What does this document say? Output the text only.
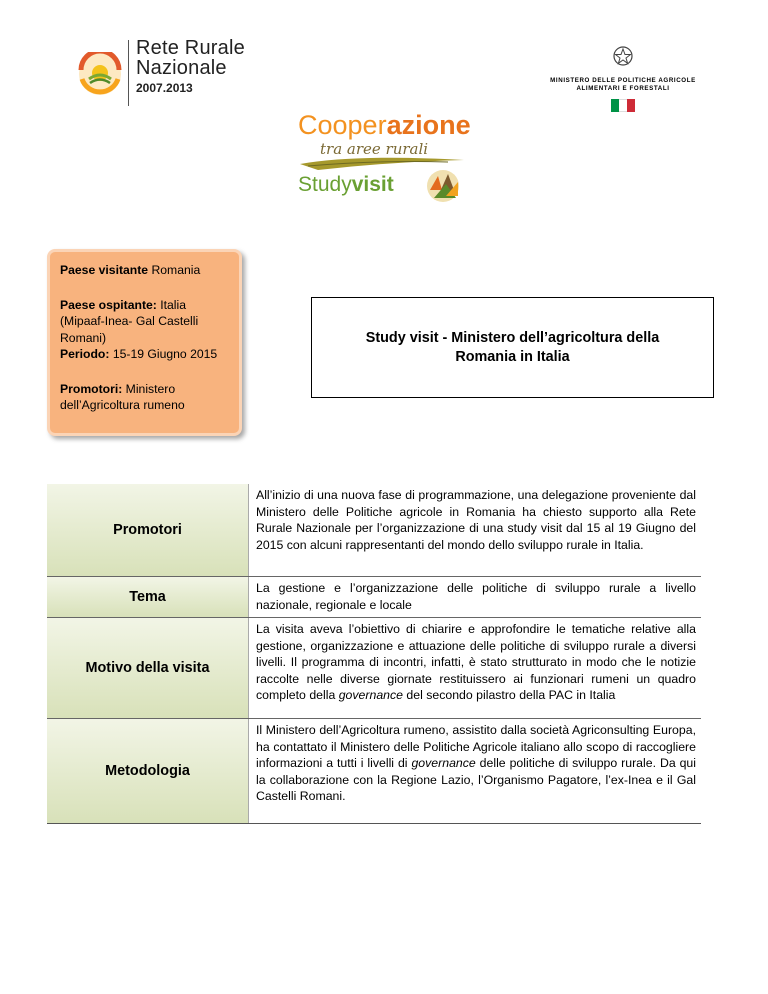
Rete Rurale
Nazionale
2007.2013
MINISTERO DELLE POLITICHE AGRICOLE
ALIMENTARI E FORESTALI
Cooperazione
tra aree rurali
Studyvisit

Paese visitante Romania

Paese ospitante: Italia (Mipaaf-Inea- Gal Castelli Romani)

Periodo: 15-19 Giugno 2015

Promotori: Ministero dell’Agricoltura rumeno

Study visit - Ministero dell’agricoltura della
Romania in Italia
Promotori
All’inizio di una nuova fase di programmazione, una delegazione proveniente dal Ministero delle Politiche agricole in Romania ha chiesto supporto alla Rete Rurale Nazionale per l’organizzazione di una study visit dal 15 al 19 Giugno del 2015 con alcuni rappresentanti del mondo dello sviluppo rurale in Italia.
Tema
La gestione e l’organizzazione delle politiche di sviluppo rurale a livello nazionale, regionale e locale
Motivo della visita
La visita aveva l’obiettivo di chiarire e approfondire le tematiche relative alla gestione, organizzazione e attuazione delle politiche di sviluppo rurale a diversi livelli. Il programma di incontri, infatti, è stato strutturato in modo che le notizie raccolte nelle diverse giornate restituissero ai funzionari rumeni un quadro completo della governance del secondo pilastro della PAC in Italia
Metodologia
Il Ministero dell’Agricoltura rumeno, assistito dalla società Agriconsulting Europa, ha contattato il Ministero delle Politiche Agricole italiano allo scopo di raccogliere informazioni a tutti i livelli di governance delle politiche di sviluppo rurale. Da qui la collaborazione con la Regione Lazio, l’Organismo Pagatore, l’ex-Inea e il Gal Castelli Romani.
